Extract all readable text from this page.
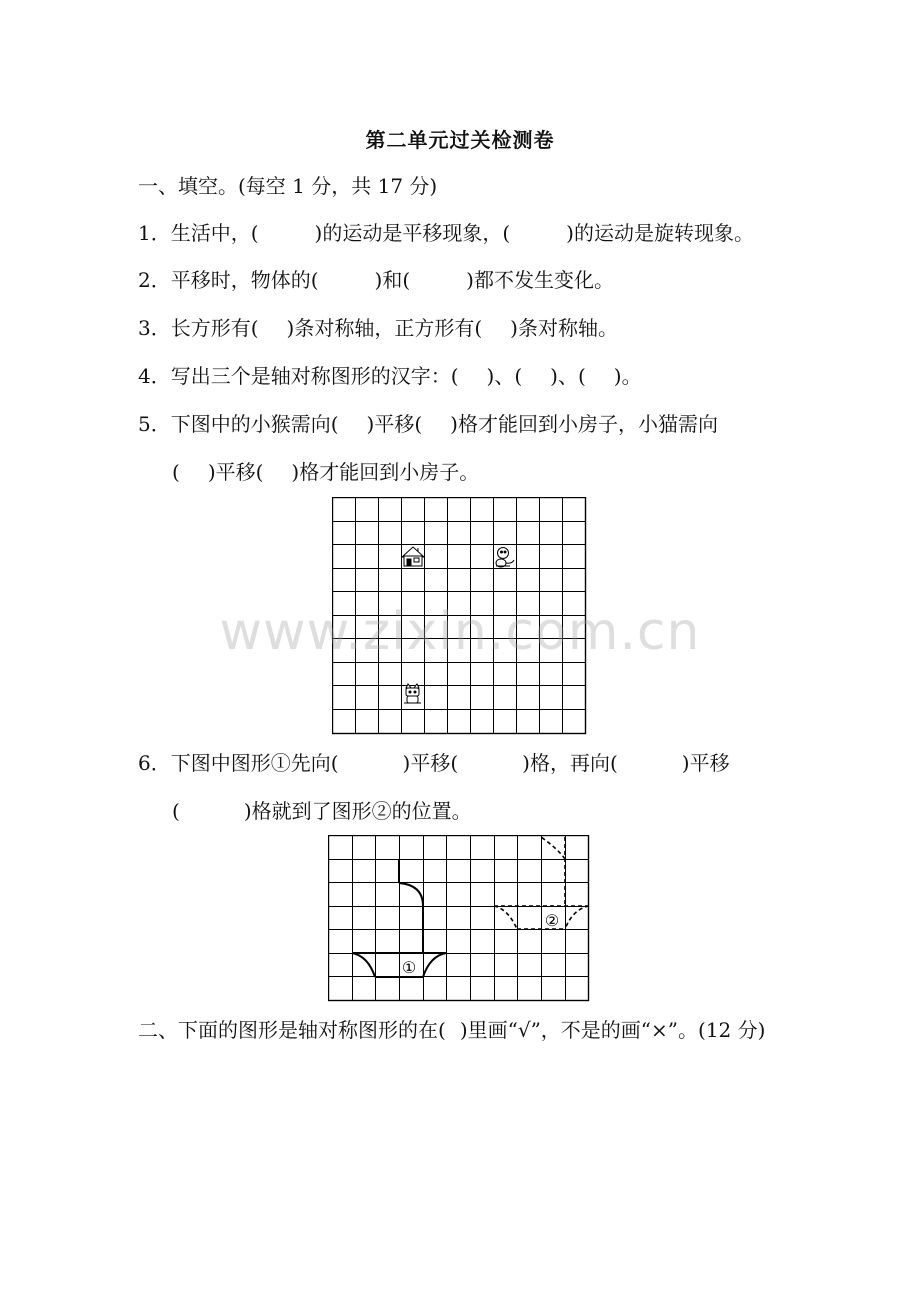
第二单元过关检测卷
一、填空。(每空 1 分，共 17 分)
1．生活中，(	)的运动是平移现象，(	)的运动是旋转现象。
2．平移时，物体的(	)和(	)都不发生变化。
3．长方形有( )条对称轴，正方形有( )条对称轴。
4．写出三个是轴对称图形的汉字：( )、( )、( )。
5．下图中的小猴需向( )平移( )格才能回到小房子，小猫需向
( )平移( )格才能回到小房子。
www.zixin.com.cn
6．下图中图形①先向(	)平移(	)格，再向(	)平移
(	)格就到了图形②的位置。
①
②
二、下面的图形是轴对称图形的在( )里画“√”，不是的画“×”。(12 分)
